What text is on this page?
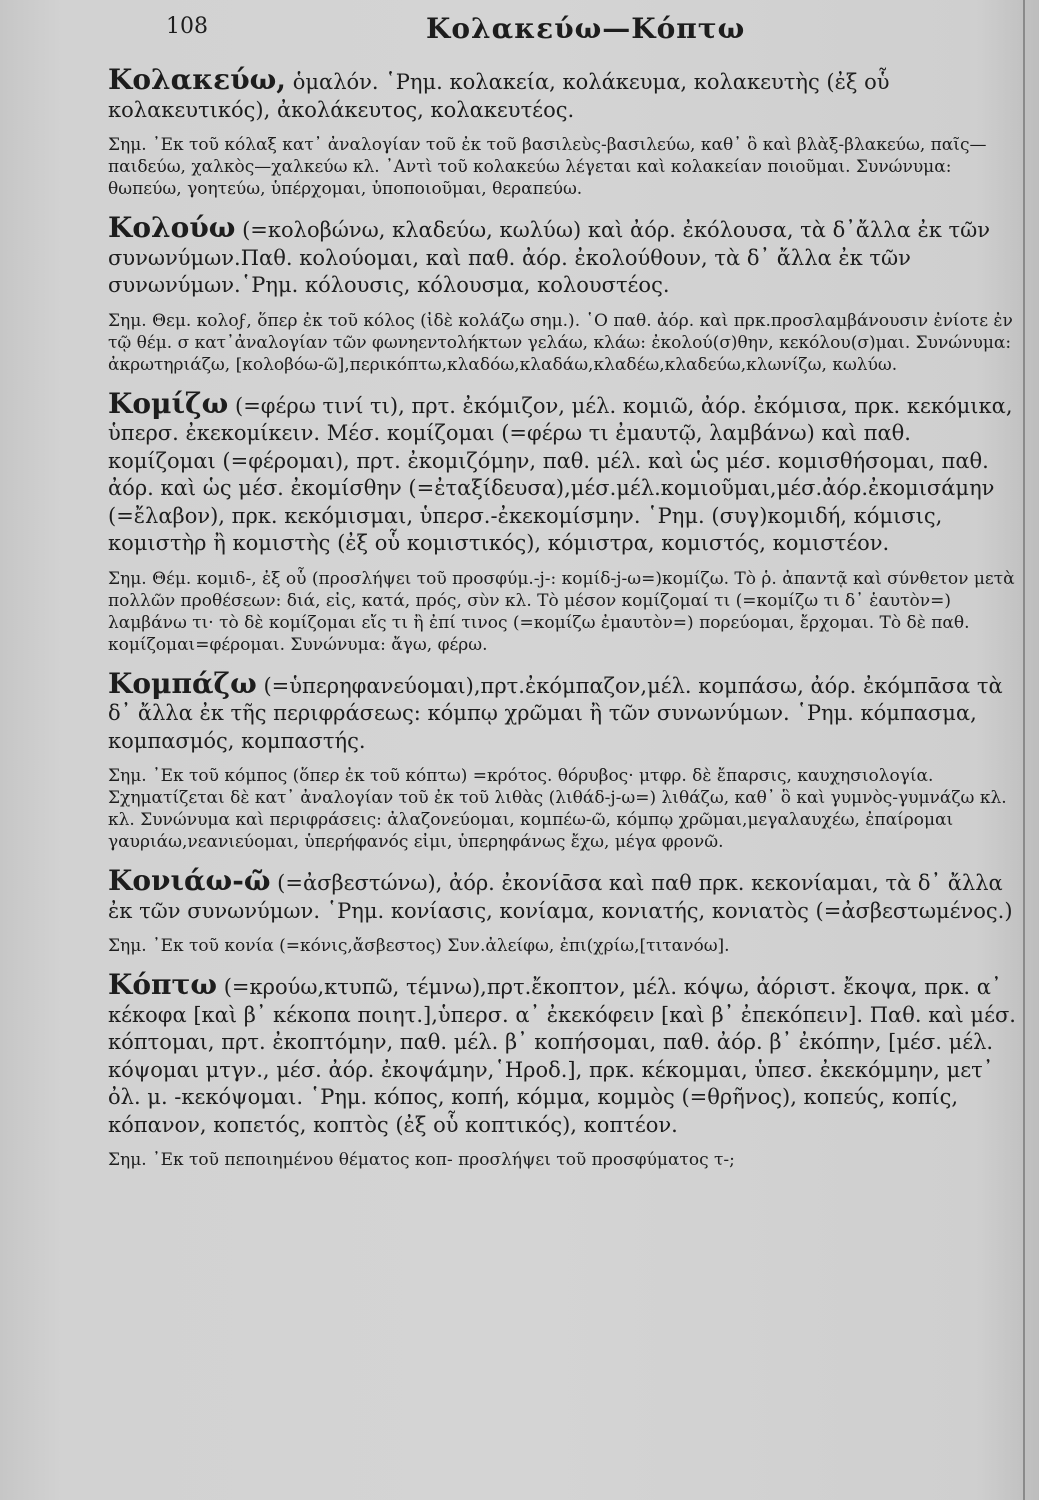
108	Κολακεύω—Κόπτω
Κολακεύω, ὁμαλόν. ῾Ρημ. κολακεία, κολάκευμα, κολακευτὴς (ἐξ οὗ κολακευτικός), ἀκολάκευτος, κολακευτέος.
Σημ. ᾿Εκ τοῦ κόλαξ κατ᾿ ἀναλογίαν τοῦ ἐκ τοῦ βασιλεὺς-βασιλεύω, καθ᾿ ὃ καὶ βλὰξ-βλακεύω, παῖς—παιδεύω, χαλκὸς—χαλκεύω κλ. ᾿Αντὶ τοῦ κολακεύω λέγεται καὶ κολακείαν ποιοῦμαι. Συνώνυμα: θωπεύω, γοητεύω, ὑπέρχομαι, ὑποποιοῦμαι, θεραπεύω.
Κολούω (=κολοβώνω, κλαδεύω, κωλύω) καὶ ἀόρ. ἐκόλουσα, τὰ δ᾿ἄλλα ἐκ τῶν συνωνύμων.Παθ. κολούομαι, καὶ παθ. ἀόρ. ἐκολούθουν, τὰ δ᾿ ἄλλα ἐκ τῶν συνωνύμων.῾Ρημ. κόλουσις, κόλουσμα, κολουστέος.
Σημ. Θεμ. κολοϝ, ὅπερ ἐκ τοῦ κόλος (ἰδὲ κολάζω σημ.). ῾Ο παθ. ἀόρ. καὶ πρκ.προσλαμβάνουσιν ἐνίοτε ἐν τῷ θέμ. σ κατ᾿ἀναλογίαν τῶν φωνηεντολήκτων γελάω, κλάω: ἐκολού(σ)θην, κεκόλου(σ)μαι. Συνώνυμα: ἀκρωτηριάζω, [κολοβόω-ῶ],περικόπτω,κλαδόω,κλαδάω,κλαδέω,κλαδεύω,κλωνίζω, κωλύω.
Κομίζω (=φέρω τινί τι), πρτ. ἐκόμιζον, μέλ. κομιῶ, ἀόρ. ἐκόμισα, πρκ. κεκόμικα, ὑπερσ. ἐκεκομίκειν. Μέσ. κομίζομαι (=φέρω τι ἐμαυτῷ, λαμβάνω) καὶ παθ. κομίζομαι (=φέρομαι), πρτ. ἐκομιζόμην, παθ. μέλ. καὶ ὡς μέσ. κομισθήσομαι, παθ. ἀόρ. καὶ ὡς μέσ. ἐκομίσθην (=ἐταξίδευσα),μέσ.μέλ.κομιοῦμαι,μέσ.ἀόρ.ἐκομισάμην (=ἔλαβον), πρκ. κεκόμισμαι, ὑπερσ.-ἐκεκομίσμην. ῾Ρημ. (συγ)κομιδή, κόμισις, κομιστὴρ ἢ κομιστὴς (ἐξ οὗ κομιστικός), κόμιστρα, κομιστός, κομιστέον.
Σημ. Θέμ. κομιδ-, ἐξ οὗ (προσλήψει τοῦ προσφύμ.-j-: κομίδ-j-ω=)κομίζω. Τὸ ῥ. ἀπαντᾷ καὶ σύνθετον μετὰ πολλῶν προθέσεων: διά, εἰς, κατά, πρός, σὺν κλ. Τὸ μέσον κομίζομαί τι (=κομίζω τι δ᾿ ἑαυτὸν=) λαμβάνω τι· τὸ δὲ κομίζομαι εἴς τι ἢ ἐπί τινος (=κομίζω ἐμαυτὸν=) πορεύομαι, ἔρχομαι. Τὸ δὲ παθ. κομίζομαι=φέρομαι. Συνώνυμα: ἄγω, φέρω.
Κομπάζω (=ὑπερηφανεύομαι),πρτ.ἐκόμπαζον,μέλ. κομπάσω, ἀόρ. ἐκόμπᾱσα τὰ δ᾿ ἄλλα ἐκ τῆς περιφράσεως: κόμπῳ χρῶμαι ἢ τῶν συνωνύμων. ῾Ρημ. κόμπασμα, κομπασμός, κομπαστής.
Σημ. ᾿Εκ τοῦ κόμπος (ὅπερ ἐκ τοῦ κόπτω) =κρότος. θόρυβος· μτφρ. δὲ ἔπαρσις, καυχησιολογία. Σχηματίζεται δὲ κατ᾿ ἀναλογίαν τοῦ ἐκ τοῦ λιθὰς (λιθάδ-j-ω=) λιθάζω, καθ᾿ ὃ καὶ γυμνὸς-γυμνάζω κλ. κλ. Συνώνυμα καὶ περιφράσεις: ἀλαζονεύομαι, κομπέω-ῶ, κόμπῳ χρῶμαι,μεγαλαυχέω, ἐπαίρομαι γαυριάω,νεανιεύομαι, ὑπερήφανός εἰμι, ὑπερηφάνως ἔχω, μέγα φρονῶ.
Κονιάω-ῶ (=ἀσβεστώνω), ἀόρ. ἐκονίᾱσα καὶ παθ πρκ. κεκονίαμαι, τὰ δ᾿ ἄλλα ἐκ τῶν συνωνύμων. ῾Ρημ. κονίασις, κονίαμα, κονιατής, κονιατὸς (=ἀσβεστωμένος.)
Σημ. ᾿Εκ τοῦ κονία (=κόνις,ἄσβεστος) Συν.ἀλείφω, ἐπι(χρίω,[τιτανόω].
Κόπτω (=κρούω,κτυπῶ, τέμνω),πρτ.ἔκοπτον, μέλ. κόψω, ἀόριστ. ἔκοψα, πρκ. α᾿ κέκοφα [καὶ β᾿ κέκοπα ποιητ.],ὑπερσ. α᾿ ἐκεκόφειν [καὶ β᾿ ἐπεκόπειν]. Παθ. καὶ μέσ. κόπτομαι, πρτ. ἐκοπτόμην, παθ. μέλ. β᾿ κοπήσομαι, παθ. ἀόρ. β᾿ ἐκόπην, [μέσ. μέλ. κόψομαι μτγν., μέσ. ἀόρ. ἐκοψάμην,῾Ηροδ.], πρκ. κέκομμαι, ὑπεσ. ἐκεκόμμην, μετ᾿ ὀλ. μ. -κεκόψομαι. ῾Ρημ. κόπος, κοπή, κόμμα, κομμὸς (=θρῆνος), κοπεύς, κοπίς, κόπανον, κοπετός, κοπτὸς (ἐξ οὗ κοπτικός), κοπτέον.
Σημ. ᾿Εκ τοῦ πεποιημένου θέματος κοπ- προσλήψει τοῦ προσφύματος τ-;
